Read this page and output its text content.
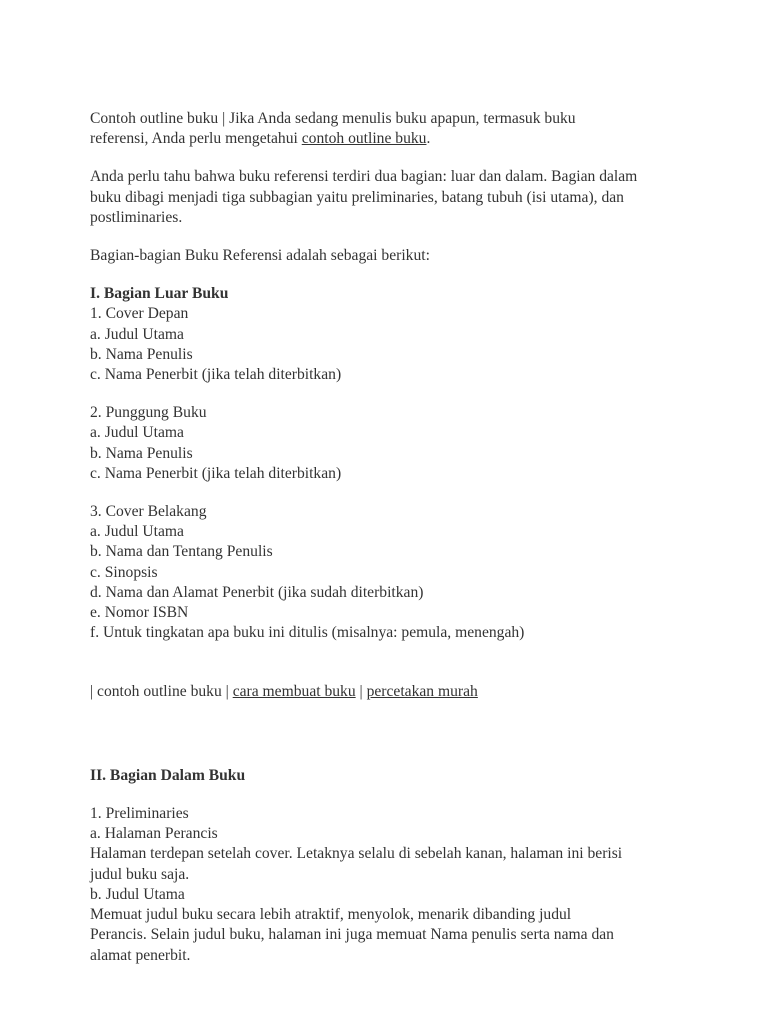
Contoh outline buku | Jika Anda sedang menulis buku apapun, termasuk buku referensi, Anda perlu mengetahui contoh outline buku.

Anda perlu tahu bahwa buku referensi terdiri dua bagian: luar dan dalam. Bagian dalam buku dibagi menjadi tiga subbagian yaitu preliminaries, batang tubuh (isi utama), dan postliminaries.

Bagian-bagian Buku Referensi adalah sebagai berikut:

I. Bagian Luar Buku
1. Cover Depan
a. Judul Utama
b. Nama Penulis
c. Nama Penerbit (jika telah diterbitkan)
2. Punggung Buku
a. Judul Utama
b. Nama Penulis
c. Nama Penerbit (jika telah diterbitkan)
3. Cover Belakang
a. Judul Utama
b. Nama dan Tentang Penulis
c. Sinopsis
d. Nama dan Alamat Penerbit (jika sudah diterbitkan)
e. Nomor ISBN
f. Untuk tingkatan apa buku ini ditulis (misalnya: pemula, menengah)

| contoh outline buku | cara membuat buku | percetakan murah

II. Bagian Dalam Buku
1. Preliminaries
a. Halaman Perancis
Halaman terdepan setelah cover. Letaknya selalu di sebelah kanan, halaman ini berisi
judul buku saja.
b. Judul Utama
Memuat judul buku secara lebih atraktif, menyolok, menarik dibanding judul
Perancis. Selain judul buku, halaman ini juga memuat Nama penulis serta nama dan
alamat penerbit.
